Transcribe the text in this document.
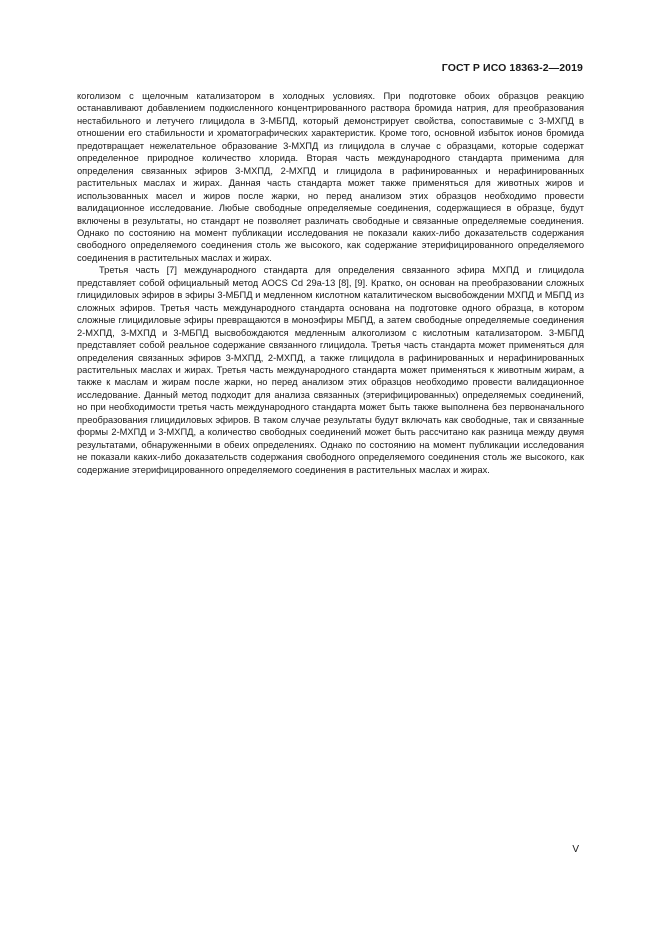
ГОСТ Р ИСО 18363-2—2019

коголизом с щелочным катализатором в холодных условиях. При подготовке обоих образцов реакцию останавливают добавлением подкисленного концентрированного раствора бромида натрия, для преобразования нестабильного и летучего глицидола в 3-МБПД, который демонстрирует свойства, сопоставимые с 3-МХПД в отношении его стабильности и хроматографических характеристик. Кроме того, основной избыток ионов бромида предотвращает нежелательное образование 3-МХПД из глицидола в случае с образцами, которые содержат определенное природное количество хлорида. Вторая часть международного стандарта применима для определения связанных эфиров 3-МХПД, 2-МХПД и глицидола в рафинированных и нерафинированных растительных маслах и жирах. Данная часть стандарта может также применяться для животных жиров и использованных масел и жиров после жарки, но перед анализом этих образцов необходимо провести валидационное исследование. Любые свободные определяемые соединения, содержащиеся в образце, будут включены в результаты, но стандарт не позволяет различать свободные и связанные определяемые соединения. Однако по состоянию на момент публикации исследования не показали каких-либо доказательств содержания свободного определяемого соединения столь же высокого, как содержание этерифицированного определяемого соединения в растительных маслах и жирах.

Третья часть [7] международного стандарта для определения связанного эфира МХПД и глицидола представляет собой официальный метод AOCS Cd 29a-13 [8], [9]. Кратко, он основан на преобразовании сложных глицидиловых эфиров в эфиры 3-МБПД и медленном кислотном каталитическом высвобождении МХПД и МБПД из сложных эфиров. Третья часть международного стандарта основана на подготовке одного образца, в котором сложные глицидиловые эфиры превращаются в моноэфиры МБПД, а затем свободные определяемые соединения 2-МХПД, 3-МХПД и 3-МБПД высвобождаются медленным алкоголизом с кислотным катализатором. 3-МБПД представляет собой реальное содержание связанного глицидола. Третья часть стандарта может применяться для определения связанных эфиров 3-МХПД, 2-МХПД, а также глицидола в рафинированных и нерафинированных растительных маслах и жирах. Третья часть международного стандарта может применяться к животным жирам, а также к маслам и жирам после жарки, но перед анализом этих образцов необходимо провести валидационное исследование. Данный метод подходит для анализа связанных (этерифицированных) определяемых соединений, но при необходимости третья часть международного стандарта может быть также выполнена без первоначального преобразования глицидиловых эфиров. В таком случае результаты будут включать как свободные, так и связанные формы 2-МХПД и 3-МХПД, а количество свободных соединений может быть рассчитано как разница между двумя результатами, обнаруженными в обеих определениях. Однако по состоянию на момент публикации исследования не показали каких-либо доказательств содержания свободного определяемого соединения столь же высокого, как содержание этерифицированного определяемого соединения в растительных маслах и жирах.

V
